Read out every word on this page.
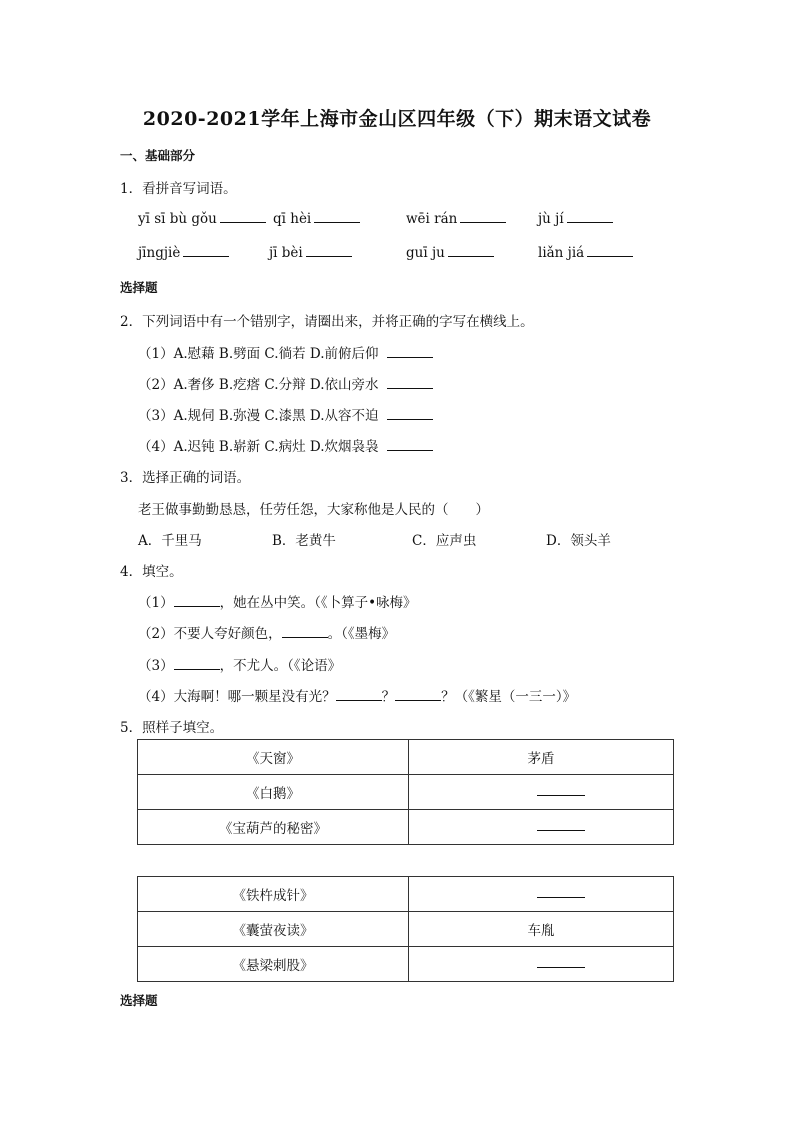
2020-2021学年上海市金山区四年级（下）期末语文试卷
一、基础部分
1．看拼音写词语。
yī sī bù gǒu	qī hèi	wēi rán	jù jí
jīngjiè	jī bèi	guī ju	liǎn jiá
选择题
2．下列词语中有一个错别字，请圈出来，并将正确的字写在横线上。
（1）A.慰藉 B.劈面 C.徜若 D.前俯后仰
（2）A.奢侈 B.疙瘩 C.分辩 D.依山旁水
（3）A.规伺 B.弥漫 C.漆黑 D.从容不迫
（4）A.迟钝 B.崭新 C.病灶 D.炊烟袅袅
3．选择正确的词语。
老王做事勤勤恳恳，任劳任怨，大家称他是人民的（　　）
A．千里马	B．老黄牛	C．应声虫	D．领头羊
4．填空。
（1）	，她在丛中笑。（《卜算子•咏梅》
（2）不要人夸好颜色，	。（《墨梅》
（3）	，不尤人。（《论语》
（4）大海啊！哪一颗星没有光？	？	？（《繁星（一三一）》
5．照样子填空。
《天窗》	茅盾
《白鹅》	
《宝葫芦的秘密》	
《铁杵成针》	
《囊萤夜读》	车胤
《悬梁刺股》	
选择题
